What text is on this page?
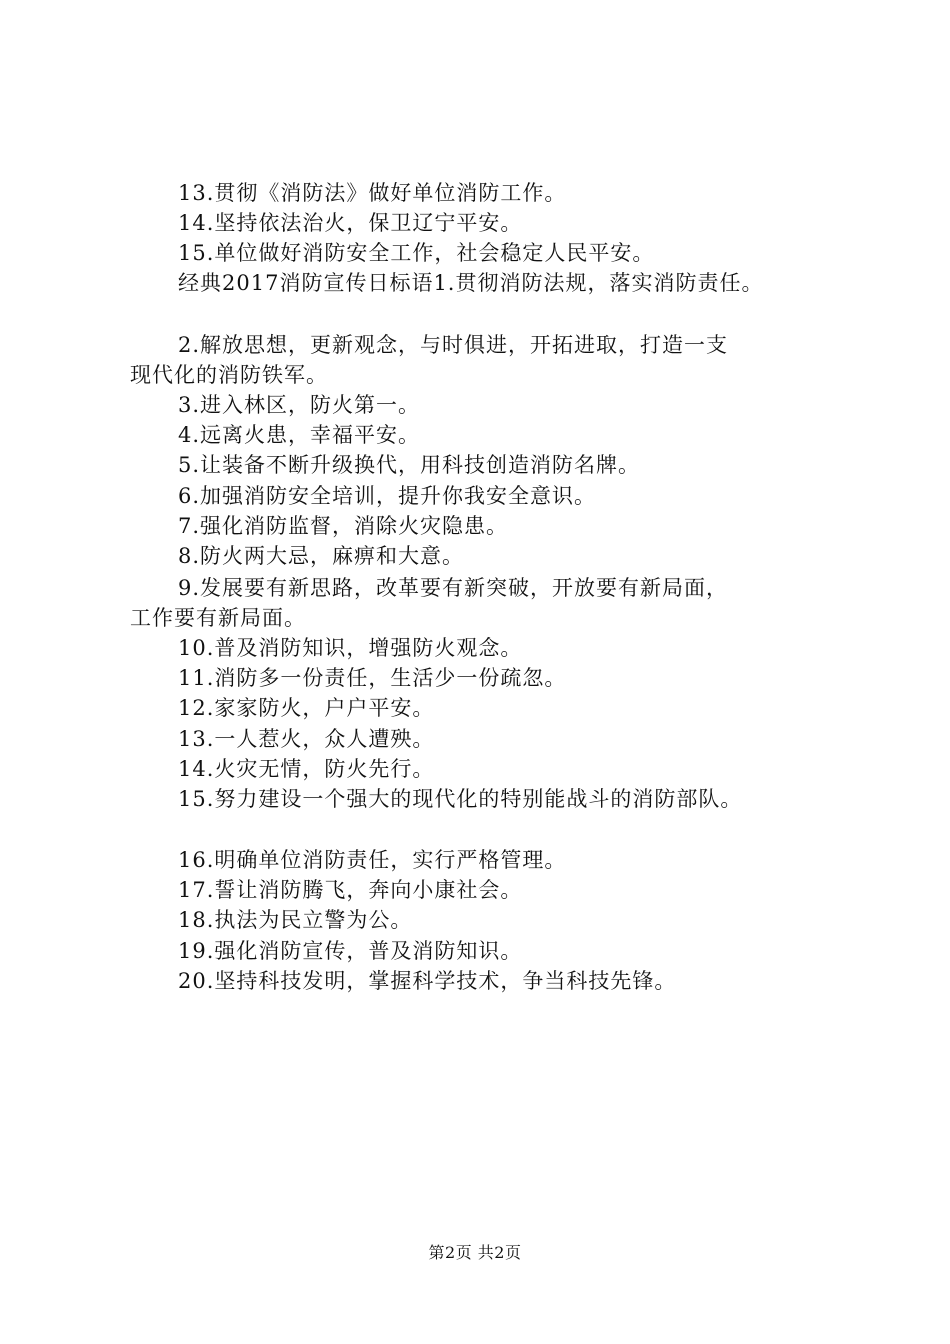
13.贯彻《消防法》做好单位消防工作。
14.坚持依法治火，保卫辽宁平安。
15.单位做好消防安全工作，社会稳定人民平安。
经典2017消防宣传日标语1.贯彻消防法规，落实消防责任。
2.解放思想，更新观念，与时俱进，开拓进取，打造一支
现代化的消防铁军。
3.进入林区，防火第一。
4.远离火患，幸福平安。
5.让装备不断升级换代，用科技创造消防名牌。
6.加强消防安全培训，提升你我安全意识。
7.强化消防监督，消除火灾隐患。
8.防火两大忌，麻痹和大意。
9.发展要有新思路，改革要有新突破，开放要有新局面，
工作要有新局面。
10.普及消防知识，增强防火观念。
11.消防多一份责任，生活少一份疏忽。
12.家家防火，户户平安。
13.一人惹火，众人遭殃。
14.火灾无情，防火先行。
15.努力建设一个强大的现代化的特别能战斗的消防部队。
16.明确单位消防责任，实行严格管理。
17.誓让消防腾飞，奔向小康社会。
18.执法为民立警为公。
19.强化消防宣传，普及消防知识。
20.坚持科技发明，掌握科学技术，争当科技先锋。
第2页 共2页
